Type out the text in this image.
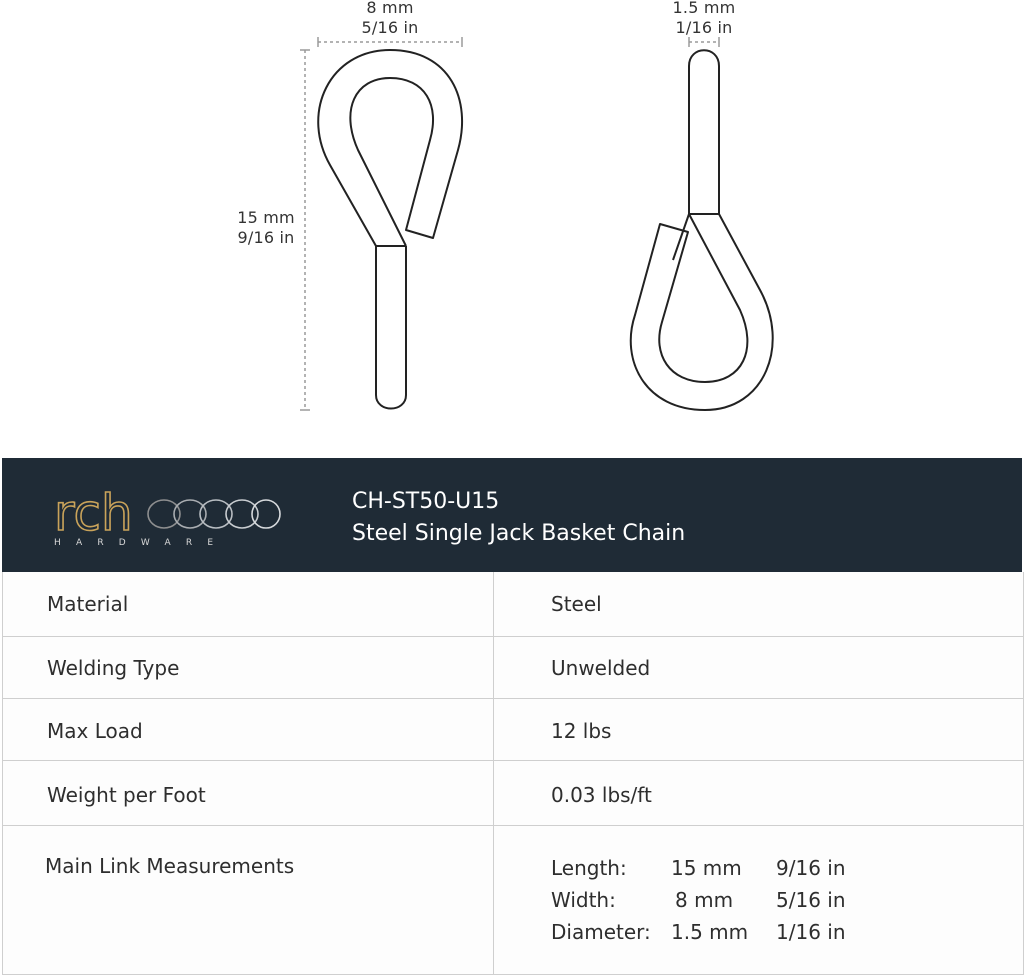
8 mm
5/16 in
15 mm
9/16 in
1.5 mm
1/16 in
rch
HARDWARE
CH-ST50-U15
Steel Single Jack Basket Chain
Material	Steel
Welding Type	Unwelded
Max Load	12 lbs
Weight per Foot	0.03 lbs/ft
Main Link Measurements	Length:	15 mm	9/16 in
Width:	8 mm	5/16 in
Diameter:	1.5 mm	1/16 in
